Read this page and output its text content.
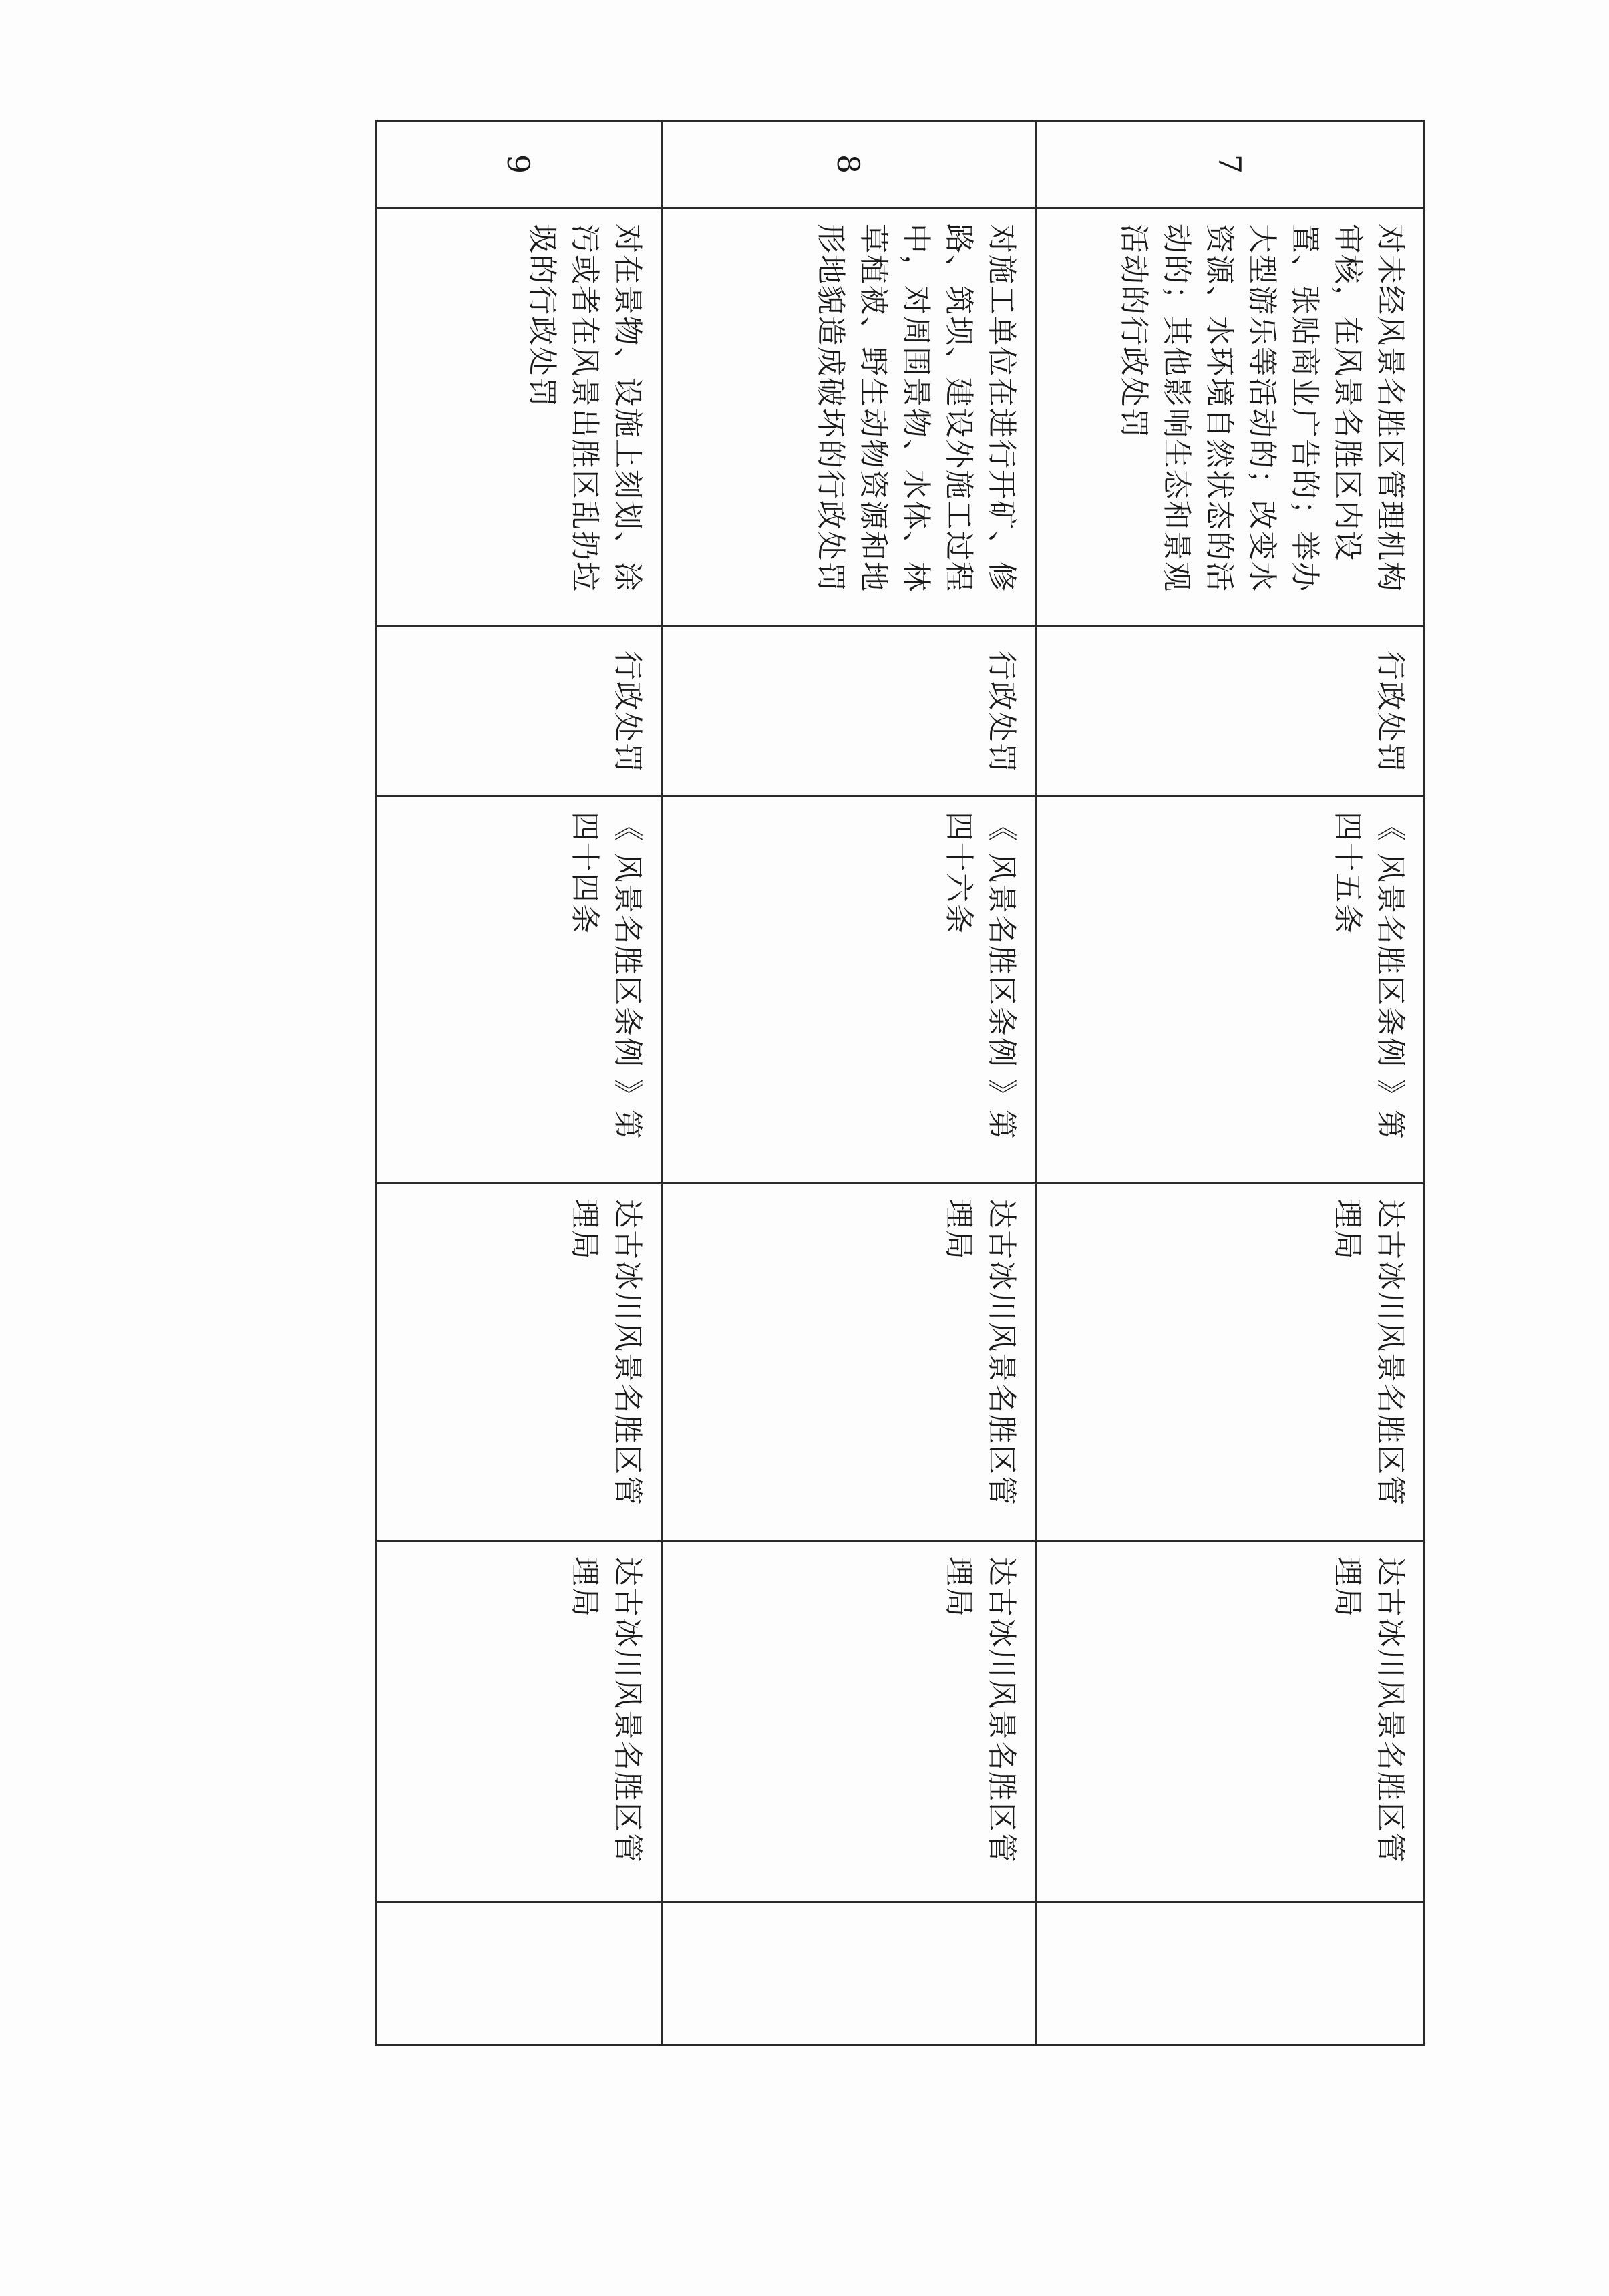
7	对未经风景名胜区管理机构审核，在风景名胜区内设置、张贴商业广告的；举办大型游乐等活动的；改变水资源、水环境自然状态的活动的；其他影响生态和景观活动的行政处罚	行政处罚	《 风景名胜区条例 》第四十五条	达古冰川风景名胜区管理局	达古冰川风景名胜区管理局	
8	对施工单位在进行开矿、修路、筑坝、建设外施工过程中，对周围景物、水体、林草植被、野生动物资源和地形地貌造成破坏的行政处罚	行政处罚	《 风景名胜区条例 》第四十六条	达古冰川风景名胜区管理局	达古冰川风景名胜区管理局	
9	对在景物、设施上刻划、涂污或者在风景出胜区乱扔垃圾的行政处罚	行政处罚	《 风景名胜区条例 》第四十四条	达古冰川风景名胜区管理局	达古冰川风景名胜区管理局	
